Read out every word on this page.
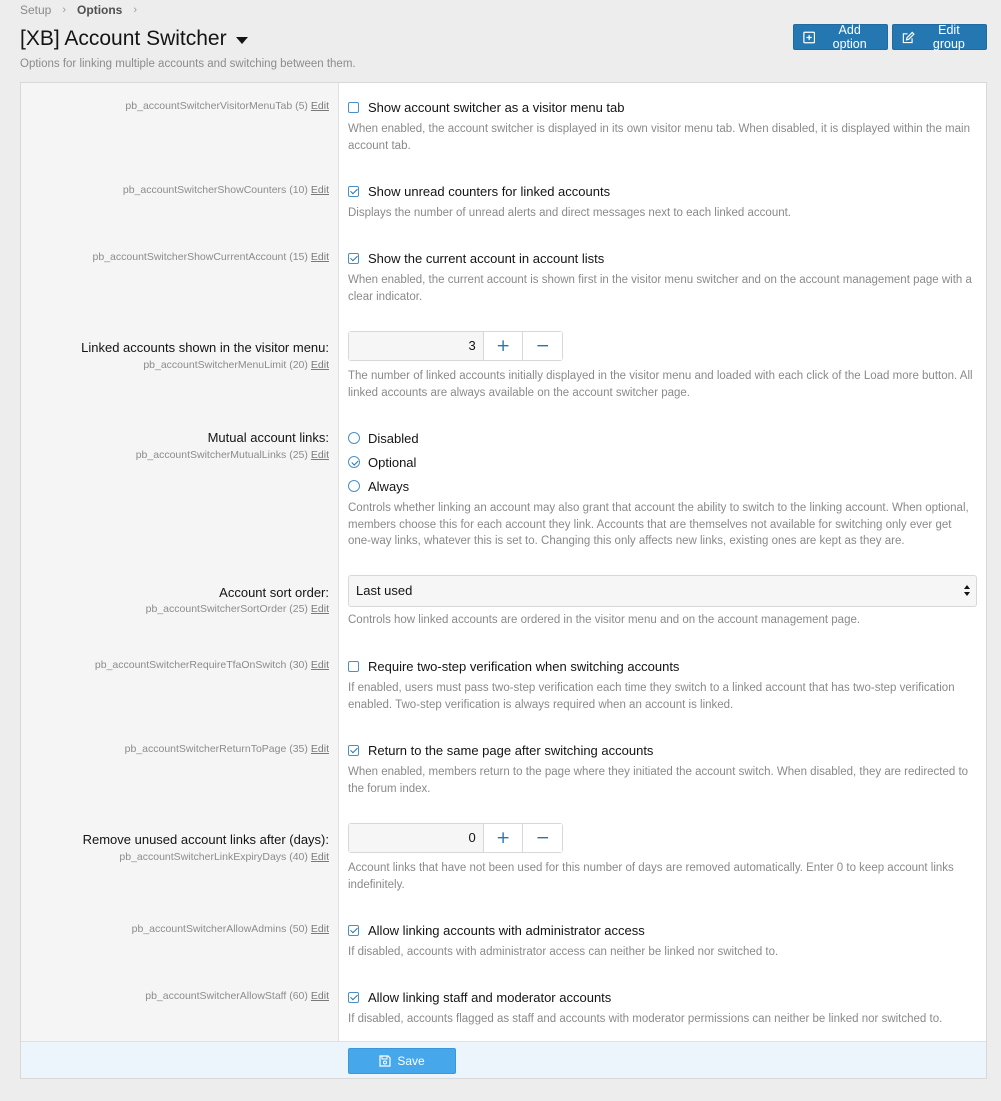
Setup › Options ›
[XB] Account Switcher
Options for linking multiple accounts and switching between them.
Add option
Edit group
pb_accountSwitcherVisitorMenuTab (5) Edit	Show account switcher as a visitor menu tab
When enabled, the account switcher is displayed in its own visitor menu tab. When disabled, it is displayed within the main account tab.
pb_accountSwitcherShowCounters (10) Edit	Show unread counters for linked accounts
Displays the number of unread alerts and direct messages next to each linked account.
pb_accountSwitcherShowCurrentAccount (15) Edit	Show the current account in account lists
When enabled, the current account is shown first in the visitor menu switcher and on the account management page with a clear indicator.
Linked accounts shown in the visitor menu:
pb_accountSwitcherMenuLimit (20) Edit
3	+ −
The number of linked accounts initially displayed in the visitor menu and loaded with each click of the Load more button. All linked accounts are always available on the account switcher page.
Mutual account links:
pb_accountSwitcherMutualLinks (25) Edit
Disabled
Optional
Always
Controls whether linking an account may also grant that account the ability to switch to the linking account. When optional, members choose this for each account they link. Accounts that are themselves not available for switching only ever get one-way links, whatever this is set to. Changing this only affects new links, existing ones are kept as they are.
Account sort order:
pb_accountSwitcherSortOrder (25) Edit
Last used
Controls how linked accounts are ordered in the visitor menu and on the account management page.
pb_accountSwitcherRequireTfaOnSwitch (30) Edit	Require two-step verification when switching accounts
If enabled, users must pass two-step verification each time they switch to a linked account that has two-step verification enabled. Two-step verification is always required when an account is linked.
pb_accountSwitcherReturnToPage (35) Edit	Return to the same page after switching accounts
When enabled, members return to the page where they initiated the account switch. When disabled, they are redirected to the forum index.
Remove unused account links after (days):
pb_accountSwitcherLinkExpiryDays (40) Edit
0	+ −
Account links that have not been used for this number of days are removed automatically. Enter 0 to keep account links indefinitely.
pb_accountSwitcherAllowAdmins (50) Edit	Allow linking accounts with administrator access
If disabled, accounts with administrator access can neither be linked nor switched to.
pb_accountSwitcherAllowStaff (60) Edit	Allow linking staff and moderator accounts
If disabled, accounts flagged as staff and accounts with moderator permissions can neither be linked nor switched to.
Save
